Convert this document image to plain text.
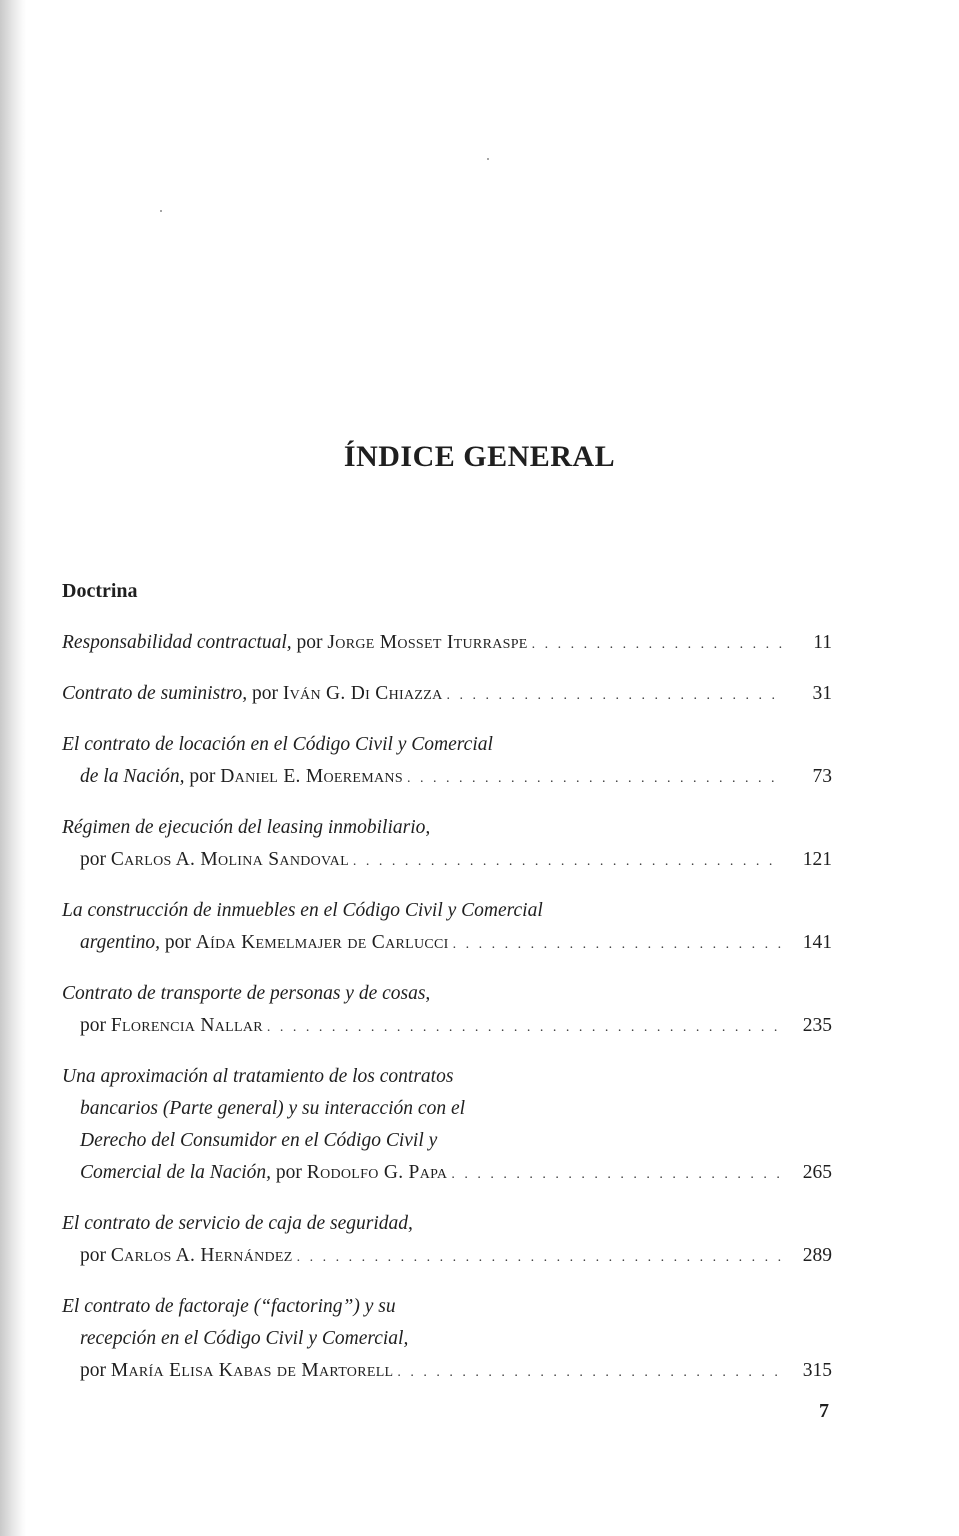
ÍNDICE GENERAL
Doctrina
Responsabilidad contractual,
por
Jorge Mosset Iturraspe . . .	11
Contrato de suministro,
por
Iván G. Di Chiazza . . .	31
El contrato de locación en el Código Civil y Comercial
de la Nación,
por
Daniel E. Moeremans . . .	73
Régimen de ejecución del leasing inmobiliario,
por
Carlos A. Molina Sandoval . . .	121
La construcción de inmuebles en el Código Civil y Comercial
argentino,
por
Aída Kemelmajer de Carlucci . . .	141
Contrato de transporte de personas y de cosas,
por
Florencia Nallar . . .	235
Una aproximación al tratamiento de los contratos
bancarios (Parte general) y su interacción con el
Derecho del Consumidor en el Código Civil y
Comercial de la Nación,
por
Rodolfo G. Papa . . .	265
El contrato de servicio de caja de seguridad,
por
Carlos A. Hernández . . .	289
El contrato de factoraje (“factoring”) y su
recepción en el Código Civil y Comercial,
por
María Elisa Kabas de Martorell . . .	315
7
